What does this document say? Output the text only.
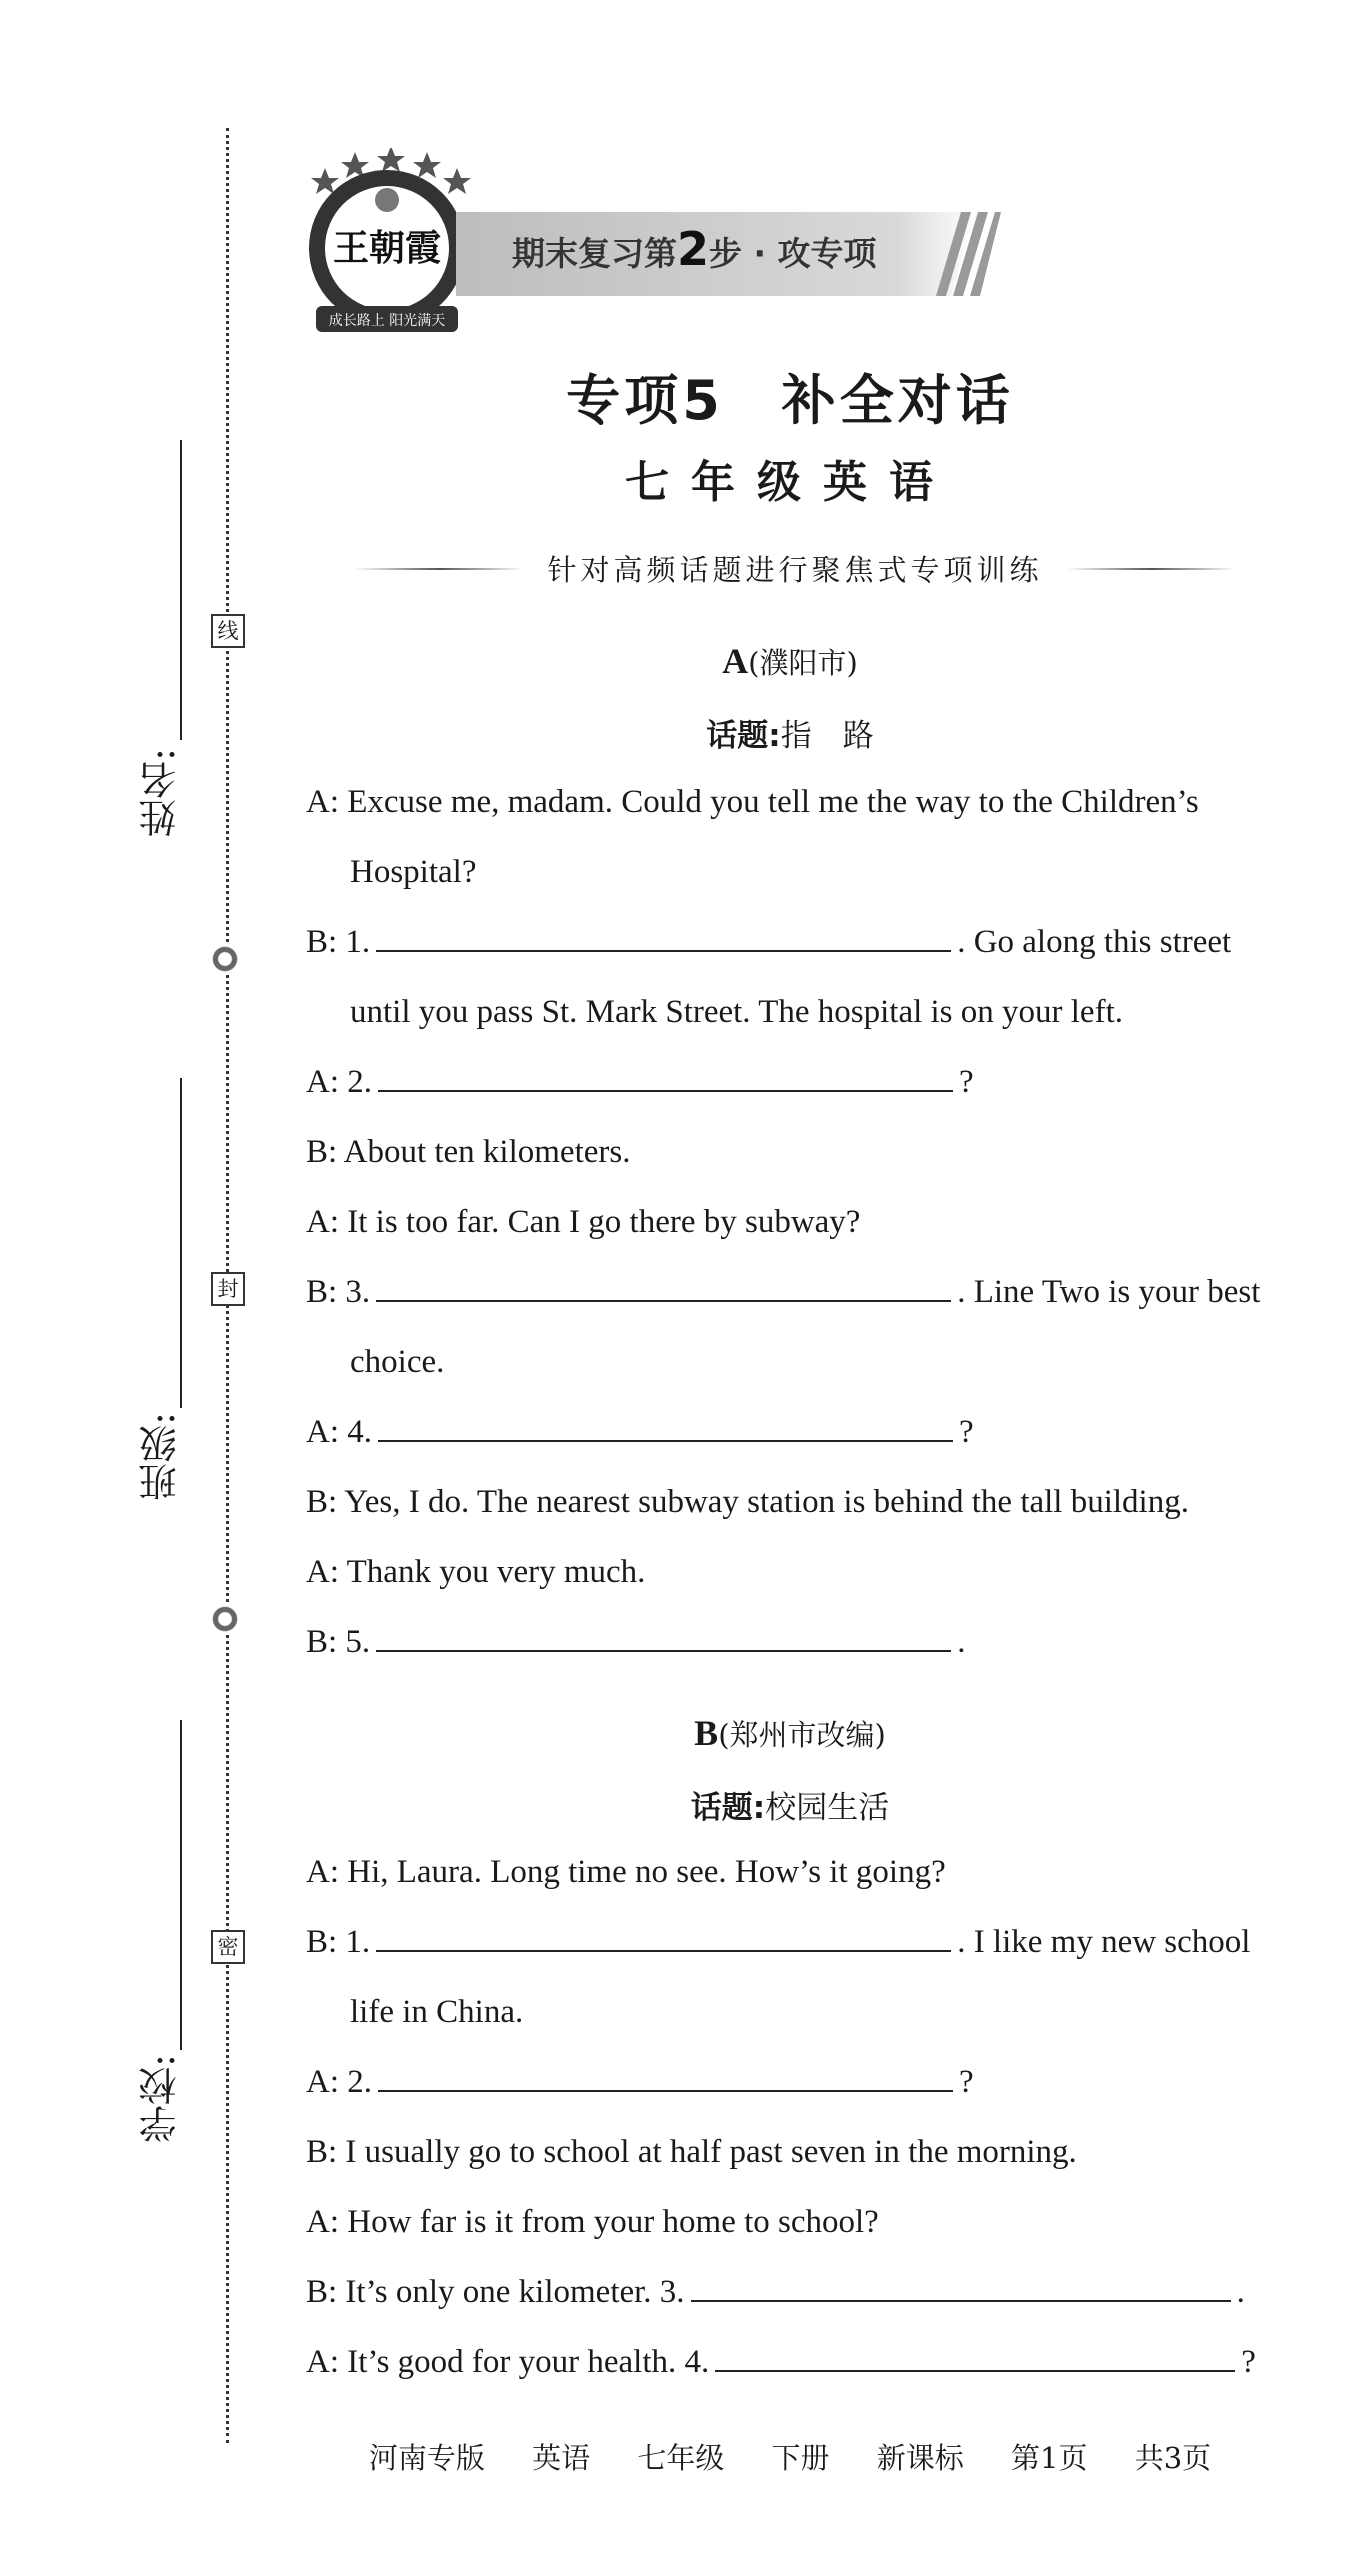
线
封
密
姓名:
班级:
学校:
王朝霞
成长路上 阳光满天
期末复习第2步 · 攻专项
专项5　补全对话
七年级英语
针对高频话题进行聚焦式专项训练
A(濮阳市)
话题:指　路
A: Excuse me, madam. Could you tell me the way to the Children’s
Hospital?
B: 1.	. Go along this street
until you pass St. Mark Street. The hospital is on your left.
A: 2.	?
B: About ten kilometers.
A: It is too far. Can I go there by subway?
B: 3.	. Line Two is your best
choice.
A: 4.	?
B: Yes, I do. The nearest subway station is behind the tall building.
A: Thank you very much.
B: 5.	.
B(郑州市改编)
话题:校园生活
A: Hi, Laura. Long time no see. How’s it going?
B: 1.	. I like my new school
life in China.
A: 2.	?
B: I usually go to school at half past seven in the morning.
A: How far is it from your home to school?
B: It’s only one kilometer. 3.	.
A: It’s good for your health. 4.	?
河南专版 英语 七年级 下册 新课标 第1页 共3页
